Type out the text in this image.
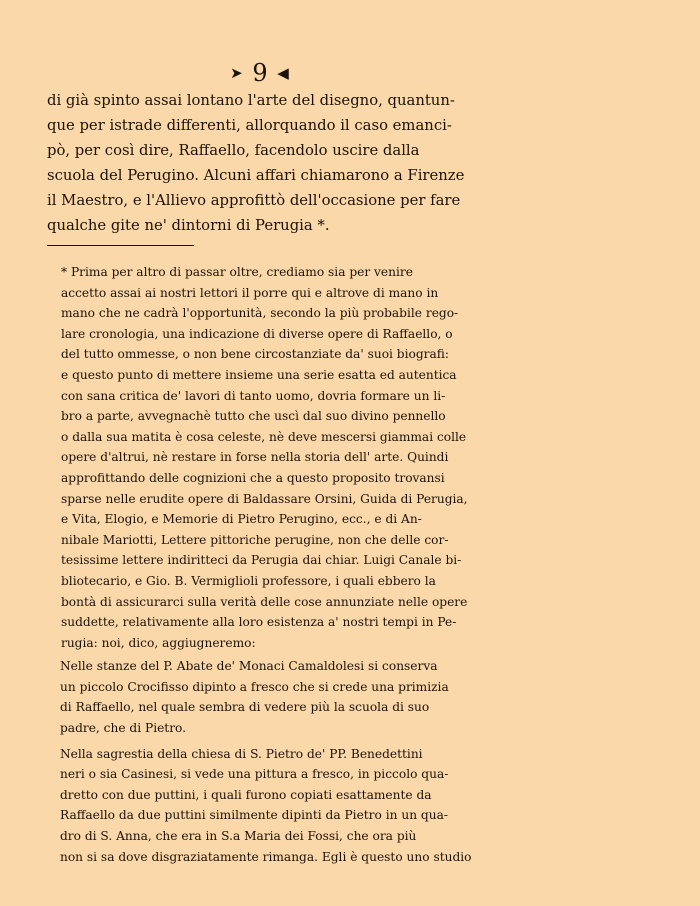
➤ 9 ◀
di già spinto assai lontano l'arte del disegno, quantun-
que per istrade differenti, allorquando il caso emanci-
pò, per così dire, Raffaello, facendolo uscire dalla
scuola del Perugino. Alcuni affari chiamarono a Firenze
il Maestro, e l'Allievo approfittò dell'occasione per fare
qualche gite ne' dintorni di Perugia *.

* Prima per altro di passar oltre, crediamo sia per venire
accetto assai ai nostri lettori il porre qui e altrove di mano in
mano che ne cadrà l'opportunità, secondo la più probabile rego-
lare cronologia, una indicazione di diverse opere di Raffaello, o
del tutto ommesse, o non bene circostanziate da' suoi biografi:
e questo punto di mettere insieme una serie esatta ed autentica
con sana critica de' lavori di tanto uomo, dovria formare un li-
bro a parte, avvegnachè tutto che uscì dal suo divino pennello
o dalla sua matita è cosa celeste, nè deve mescersi giammai colle
opere d'altrui, nè restare in forse nella storia dell' arte. Quindi
approfittando delle cognizioni che a questo proposito trovansi
sparse nelle erudite opere di Baldassare Orsini, Guida di Perugia,
e Vita, Elogio, e Memorie di Pietro Perugino, ecc., e di An-
nibale Mariotti, Lettere pittoriche perugine, non che delle cor-
tesissime lettere indiritteci da Perugia dai chiar. Luigi Canale bi-
bliotecario, e Gio. B. Vermiglioli professore, i quali ebbero la
bontà di assicurarci sulla verità delle cose annunziate nelle opere
suddette, relativamente alla loro esistenza a' nostri tempi in Pe-
rugia: noi, dico, aggiugneremo:

Nelle stanze del P. Abate de' Monaci Camaldolesi si conserva
un piccolo Crocifisso dipinto a fresco che si crede una primizia
di Raffaello, nel quale sembra di vedere più la scuola di suo
padre, che di Pietro.

Nella sagrestia della chiesa di S. Pietro de' PP. Benedettini
neri o sia Casinesi, si vede una pittura a fresco, in piccolo qua-
dretto con due puttini, i quali furono copiati esattamente da
Raffaello da due puttini similmente dipinti da Pietro in un qua-
dro di S. Anna, che era in S.a Maria dei Fossi, che ora più
non si sa dove disgraziatamente rimanga. Egli è questo uno studio
